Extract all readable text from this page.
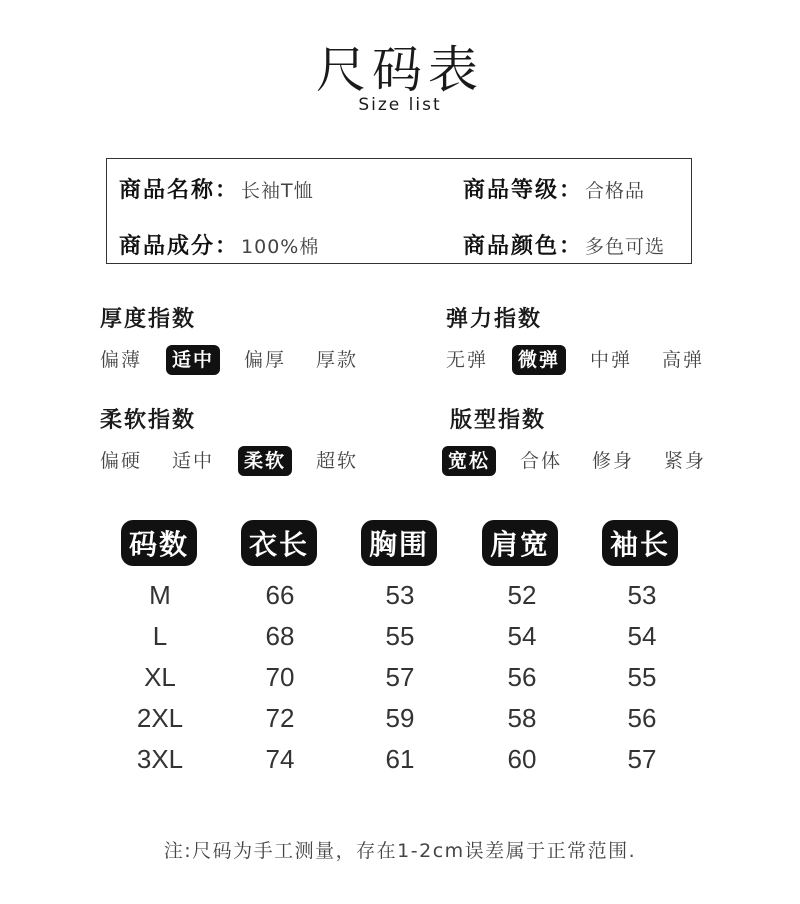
尺码表
Size list
商品名称： 长袖T恤	商品等级： 合格品
商品成分： 100%棉	商品颜色： 多色可选
厚度指数
偏薄	适中	偏厚	厚款
弹力指数
无弹	微弹	中弹	高弹
柔软指数
偏硬	适中	柔软	超软
版型指数
宽松	合体	修身	紧身
码数 衣长 胸围 肩宽 袖长
M	66	53	52	53
L	68	55	54	54
XL	70	57	56	55
2XL	72	59	58	56
3XL	74	61	60	57
注:尺码为手工测量，存在1-2cm误差属于正常范围.
